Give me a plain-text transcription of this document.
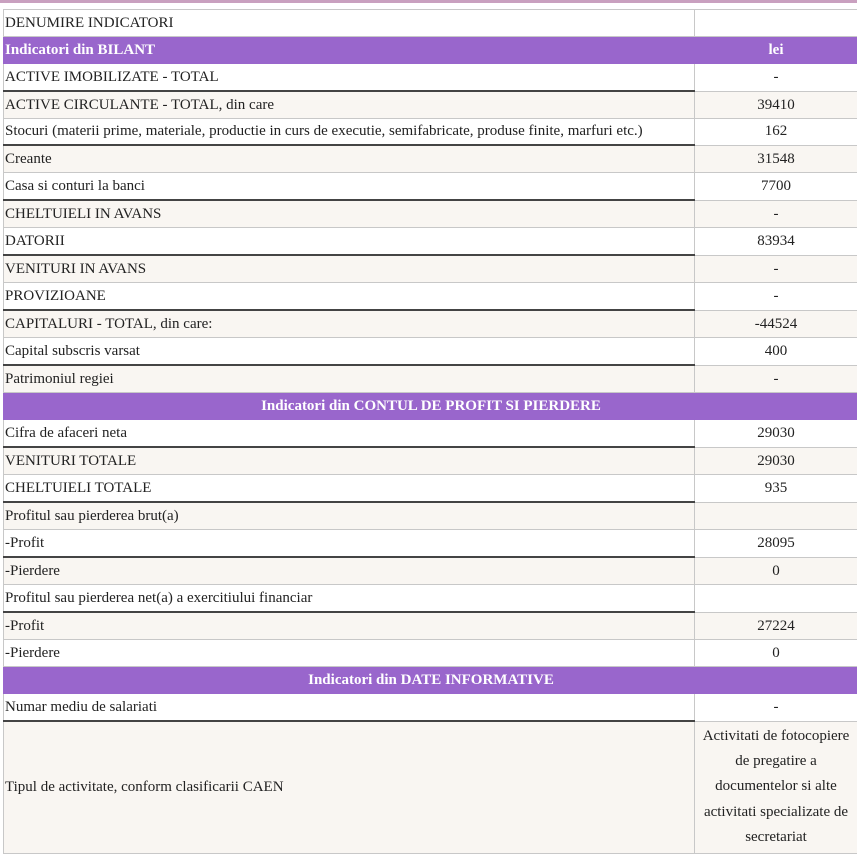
DENUMIRE INDICATORI	
Indicatori din BILANT	lei
ACTIVE IMOBILIZATE - TOTAL	-
ACTIVE CIRCULANTE - TOTAL, din care	39410
Stocuri (materii prime, materiale, productie in curs de executie, semifabricate, produse finite, marfuri etc.)	162
Creante	31548
Casa si conturi la banci	7700
CHELTUIELI IN AVANS	-
DATORII	83934
VENITURI IN AVANS	-
PROVIZIOANE	-
CAPITALURI - TOTAL, din care:	-44524
Capital subscris varsat	400
Patrimoniul regiei	-
Indicatori din CONTUL DE PROFIT SI PIERDERE	
Cifra de afaceri neta	29030
VENITURI TOTALE	29030
CHELTUIELI TOTALE	935
Profitul sau pierderea brut(a)	
-Profit	28095
-Pierdere	0
Profitul sau pierderea net(a) a exercitiului financiar	
-Profit	27224
-Pierdere	0
Indicatori din DATE INFORMATIVE	
Numar mediu de salariati	-
Tipul de activitate, conform clasificarii CAEN	Activitati de fotocopiere de pregatire a documentelor si alte activitati specializate de secretariat
